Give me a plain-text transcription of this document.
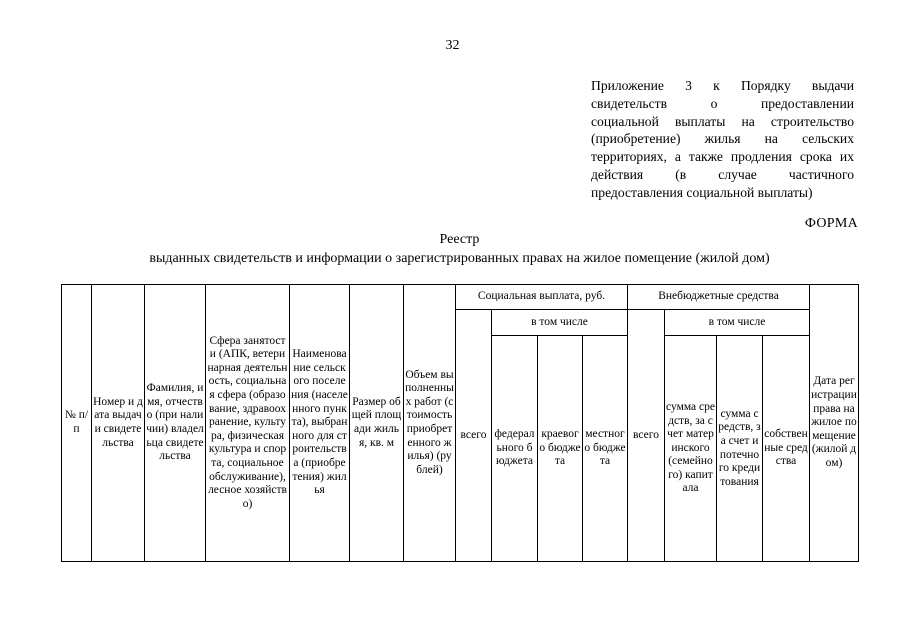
32
Приложение 3 к Порядку выдачи
свидетельств о предоставлении
социальной выплаты на строительство
(приобретение) жилья на сельских
территориях, а также продления срока их
действия (в случае частичного
предоставления социальной выплаты)
ФОРМА
Реестр
выданных свидетельств и информации о зарегистрированных правах на жилое помещение (жилой дом)
№ п/п	Номер и дата выдачи свидетельства	Фамилия, имя, отчество (при наличии) владельца свидетельства	Сфера занятости (АПК, ветеринарная деятельность, социальная сфера (образование, здравоохранение, культура, физическая культура и спорта, социальное обслуживание), лесное хозяйство)	Наименование сельского поселения (населенного пункта), выбранного для строительства (приобретения) жилья	Размер общей площади жилья, кв. м	Объем выполненных работ (стоимость приобретенного жилья) (рублей)	Социальная выплата, руб.				Внебюджетные средства				Дата регистрации права на жилое помещение (жилой дом)
							всего	в том числе			всего	в том числе			
								федерального бюджета	краевого бюджета	местного бюджета		сумма средств, за счет материнского (семейного) капитала	сумма средств, за счет ипотечного кредитования	собственные средства	
